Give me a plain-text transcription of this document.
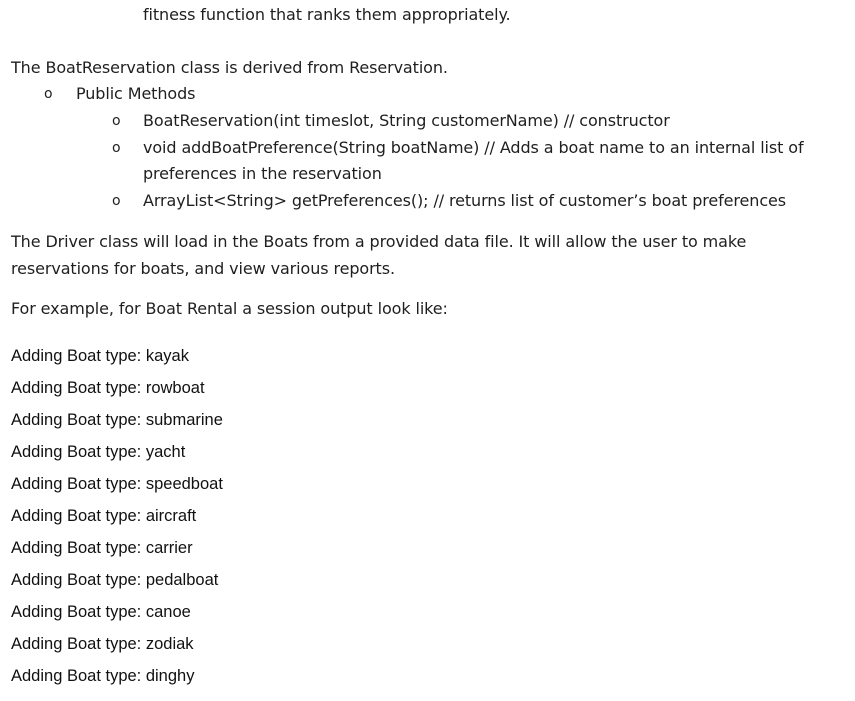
fitness function that ranks them appropriately.
The BoatReservation class is derived from Reservation.
o Public Methods
o BoatReservation(int timeslot, String customerName) // constructor
o void addBoatPreference(String boatName) // Adds a boat name to an internal list of
preferences in the reservation
o ArrayList<String> getPreferences(); // returns list of customer’s boat preferences
The Driver class will load in the Boats from a provided data file. It will allow the user to make
reservations for boats, and view various reports.
For example, for Boat Rental a session output look like:
Adding Boat type: kayak
Adding Boat type: rowboat
Adding Boat type: submarine
Adding Boat type: yacht
Adding Boat type: speedboat
Adding Boat type: aircraft
Adding Boat type: carrier
Adding Boat type: pedalboat
Adding Boat type: canoe
Adding Boat type: zodiak
Adding Boat type: dinghy
